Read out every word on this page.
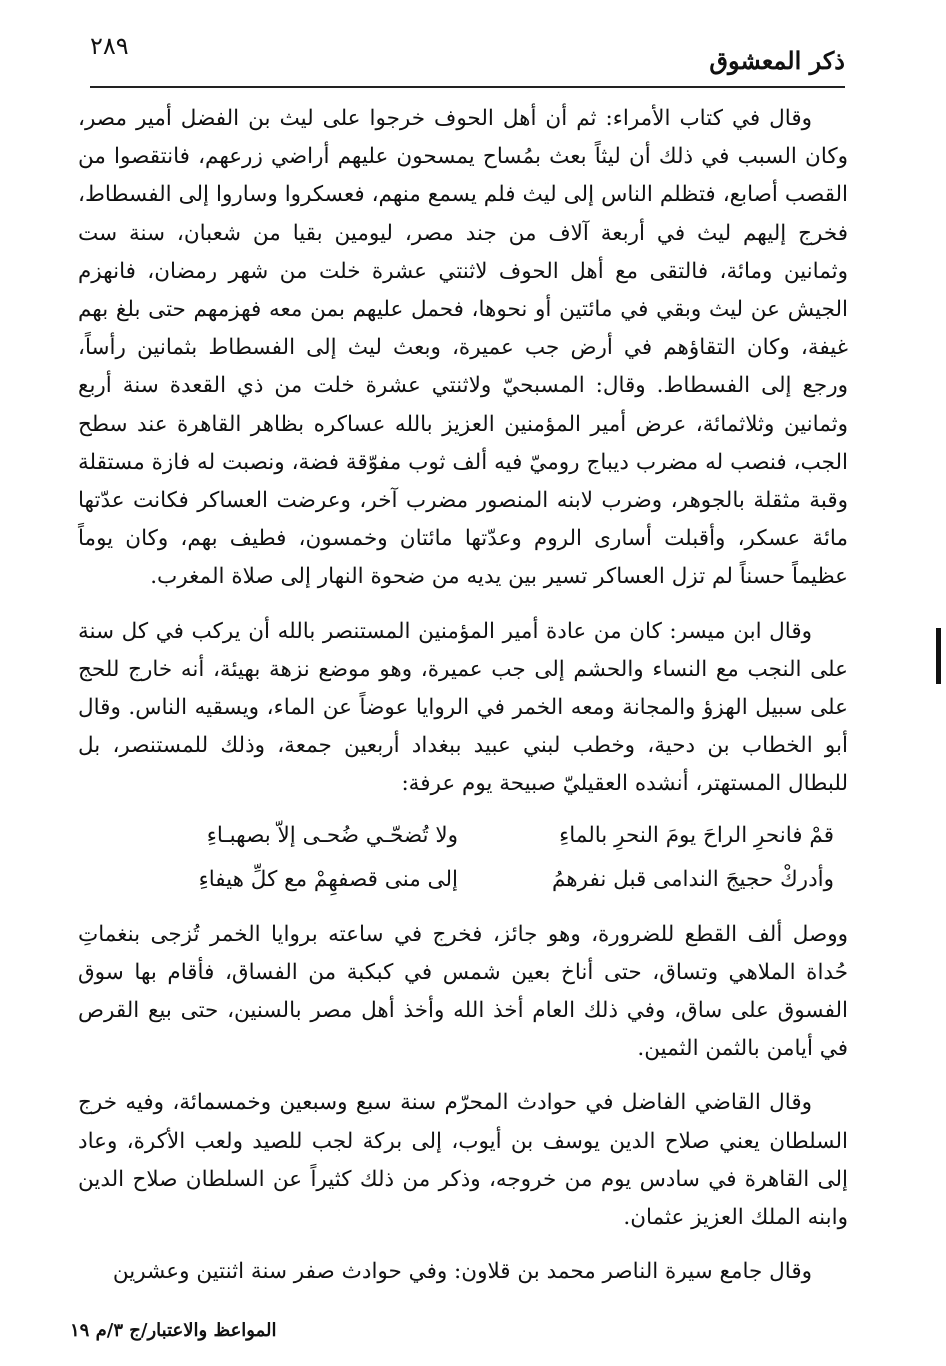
٢٨٩	ذكر المعشوق

وقال في كتاب الأمراء: ثم أن أهل الحوف خرجوا على ليث بن الفضل أمير مصر، وكان السبب في ذلك أن ليثاً بعث بمُساح يمسحون عليهم أراضي زرعهم، فانتقصوا من القصب أصابع، فتظلم الناس إلى ليث فلم يسمع منهم، فعسكروا وساروا إلى الفسطاط، فخرج إليهم ليث في أربعة آلاف من جند مصر، ليومين بقيا من شعبان، سنة ست وثمانين ومائة، فالتقى مع أهل الحوف لاثنتي عشرة خلت من شهر رمضان، فانهزم الجيش عن ليث وبقي في مائتين أو نحوها، فحمل عليهم بمن معه فهزمهم حتى بلغ بهم غيفة، وكان التقاؤهم في أرض جب عميرة، وبعث ليث إلى الفسطاط بثمانين رأساً، ورجع إلى الفسطاط. وقال: المسبحيّ ولاثنتي عشرة خلت من ذي القعدة سنة أربع وثمانين وثلاثمائة، عرض أمير المؤمنين العزيز بالله عساكره بظاهر القاهرة عند سطح الجب، فنصب له مضرب ديباج روميّ فيه ألف ثوب مفوّقة فضة، ونصبت له فازة مستقلة وقبة مثقلة بالجوهر، وضرب لابنه المنصور مضرب آخر، وعرضت العساكر فكانت عدّتها مائة عسكر، وأقبلت أسارى الروم وعدّتها مائتان وخمسون، فطيف بهم، وكان يوماً عظيماً حسناً لم تزل العساكر تسير بين يديه من ضحوة النهار إلى صلاة المغرب.

وقال ابن ميسر: كان من عادة أمير المؤمنين المستنصر بالله أن يركب في كل سنة على النجب مع النساء والحشم إلى جب عميرة، وهو موضع نزهة بهيئة، أنه خارج للحج على سبيل الهزؤ والمجانة ومعه الخمر في الروايا عوضاً عن الماء، ويسقيه الناس. وقال أبو الخطاب بن دحية، وخطب لبني عبيد ببغداد أربعين جمعة، وذلك للمستنصر، بل للبطال المستهتر، أنشده العقيليّ صبيحة يوم عرفة:

قمْ فانحرِ الراحَ يومَ النحرِ بالماءِ
ولا تُضحّـي ضُحـى إلاّ بصهبـاءِ
وأدركْ حجيجَ الندامى قبل نفرهمُ
إلى منى قصفهِمْ مع كلِّ هيفاءِ

ووصل ألف القطع للضرورة، وهو جائز، فخرج في ساعته بروايا الخمر تُزجى بنغماتِ حُداة الملاهي وتساق، حتى أناخ بعين شمس في كبكبة من الفساق، فأقام بها سوق الفسوق على ساق، وفي ذلك العام أخذ الله وأخذ أهل مصر بالسنين، حتى بيع القرص في أيامن بالثمن الثمين.

وقال القاضي الفاضل في حوادث المحرّم سنة سبع وسبعين وخمسمائة، وفيه خرج السلطان يعني صلاح الدين يوسف بن أيوب، إلى بركة لجب للصيد ولعب الأكرة، وعاد إلى القاهرة في سادس يوم من خروجه، وذكر من ذلك كثيراً عن السلطان صلاح الدين وابنه الملك العزيز عثمان.

وقال جامع سيرة الناصر محمد بن قلاون: وفي حوادث صفر سنة اثنتين وعشرين

المواعظ والاعتبار/ج ٣/م ١٩
